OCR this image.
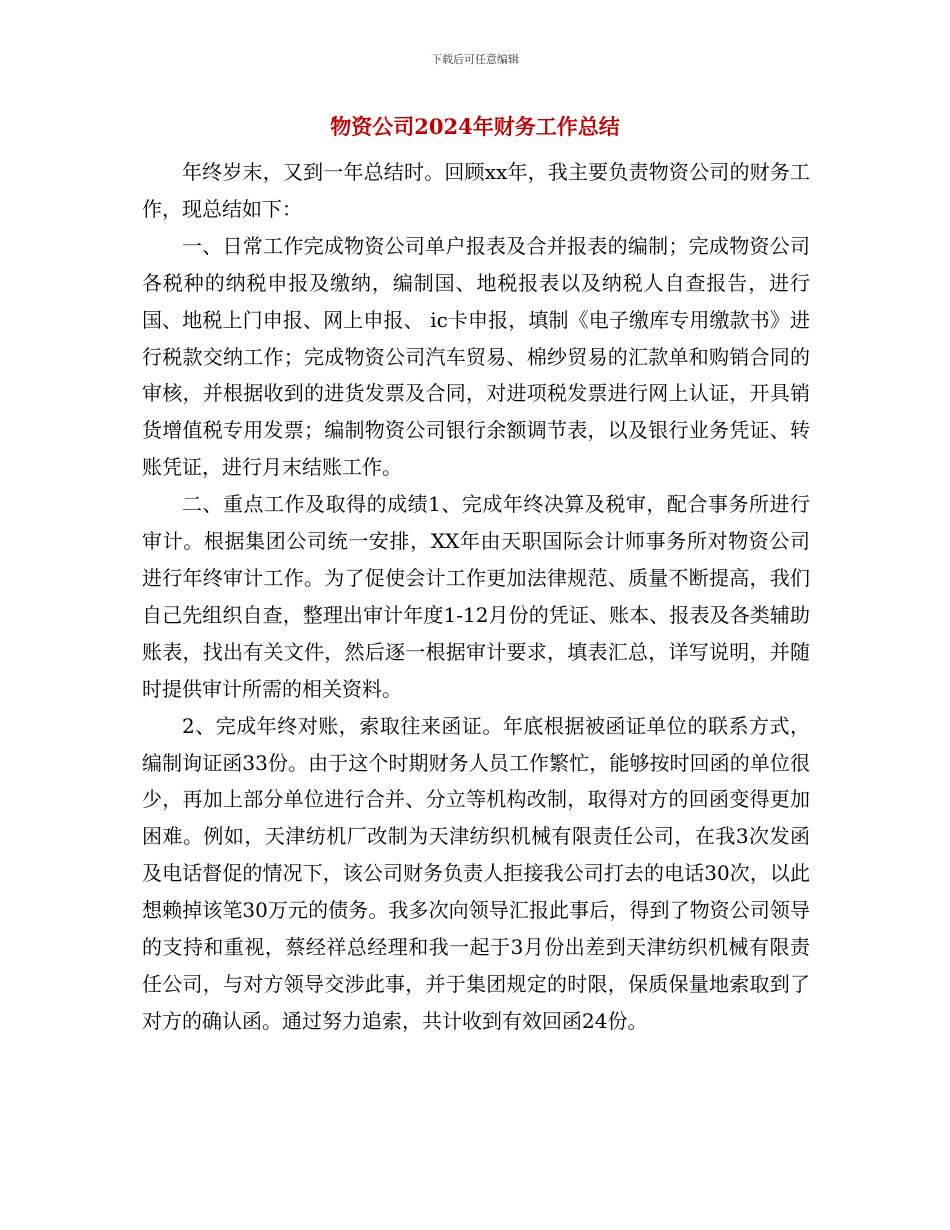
下载后可任意编辑
物资公司2024年财务工作总结

年终岁末，又到一年总结时。回顾xx年，我主要负责物资公司的财务工作，现总结如下：

一、日常工作完成物资公司单户报表及合并报表的编制；完成物资公司各税种的纳税申报及缴纳，编制国、地税报表以及纳税人自查报告，进行国、地税上门申报、网上申报、 ic卡申报，填制《电子缴库专用缴款书》进行税款交纳工作；完成物资公司汽车贸易、棉纱贸易的汇款单和购销合同的审核，并根据收到的进货发票及合同，对进项税发票进行网上认证，开具销货增值税专用发票；编制物资公司银行余额调节表，以及银行业务凭证、转账凭证，进行月末结账工作。

二、重点工作及取得的成绩1、完成年终决算及税审，配合事务所进行审计。根据集团公司统一安排，XX年由天职国际会计师事务所对物资公司进行年终审计工作。为了促使会计工作更加法律规范、质量不断提高，我们自己先组织自查，整理出审计年度1-12月份的凭证、账本、报表及各类辅助账表，找出有关文件，然后逐一根据审计要求，填表汇总，详写说明，并随时提供审计所需的相关资料。

2、完成年终对账，索取往来函证。年底根据被函证单位的联系方式，编制询证函33份。由于这个时期财务人员工作繁忙，能够按时回函的单位很少，再加上部分单位进行合并、分立等机构改制，取得对方的回函变得更加困难。例如，天津纺机厂改制为天津纺织机械有限责任公司，在我3次发函及电话督促的情况下，该公司财务负责人拒接我公司打去的电话30次，以此想赖掉该笔30万元的债务。我多次向领导汇报此事后，得到了物资公司领导的支持和重视，蔡经祥总经理和我一起于3月份出差到天津纺织机械有限责任公司，与对方领导交涉此事，并于集团规定的时限，保质保量地索取到了对方的确认函。通过努力追索，共计收到有效回函24份。
